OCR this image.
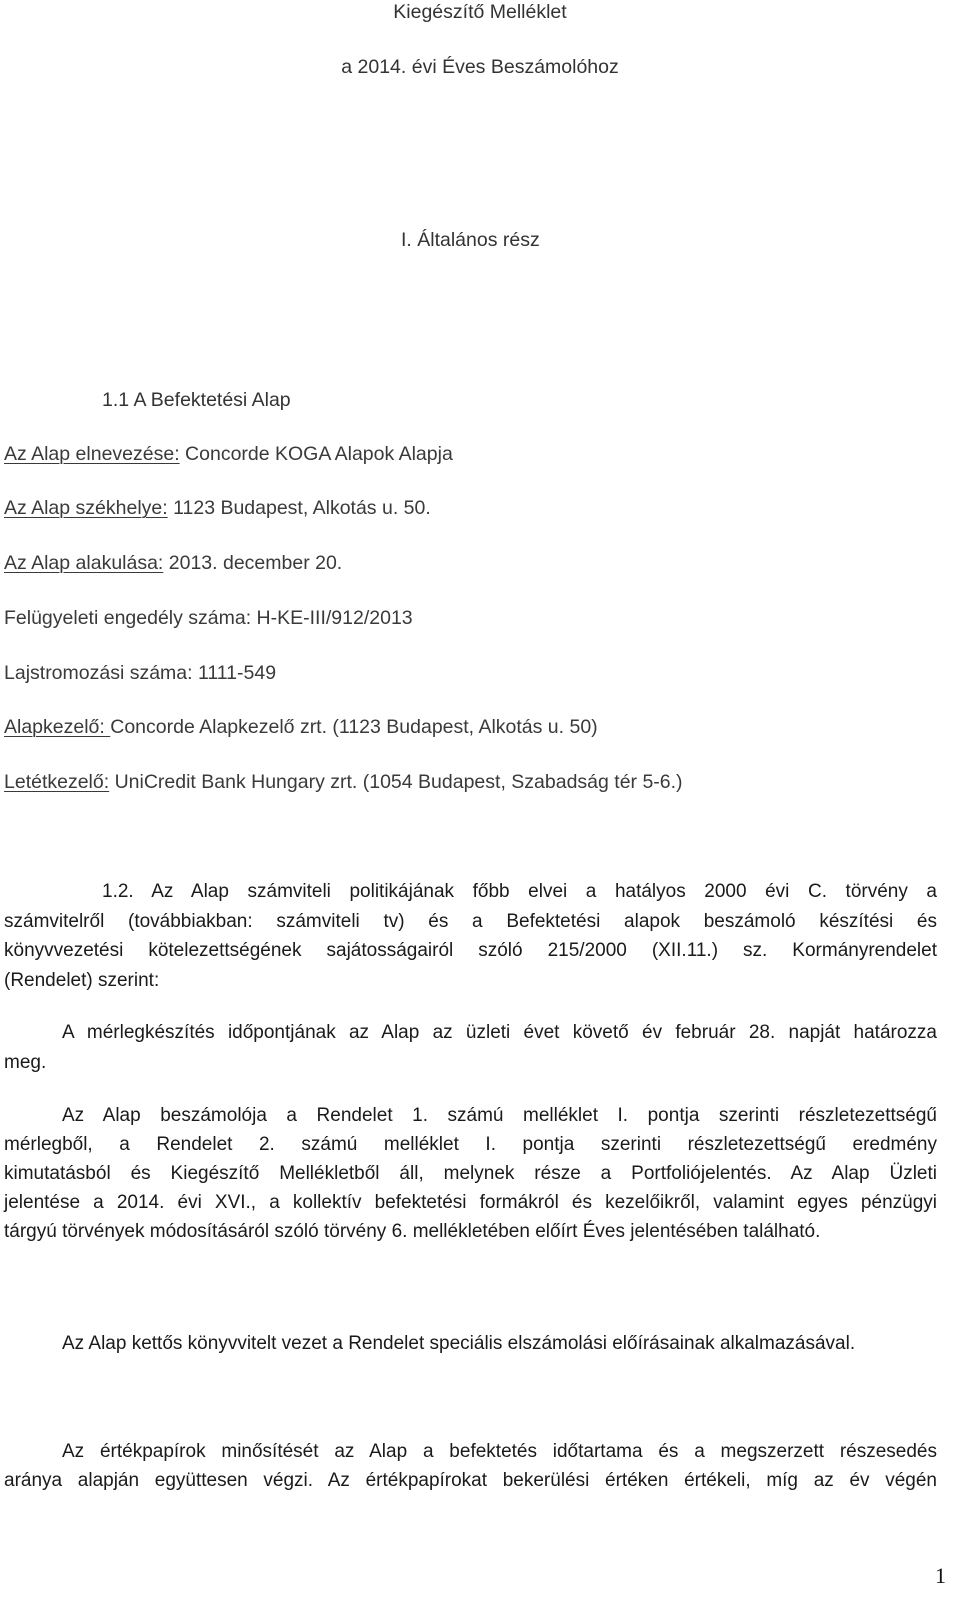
Kiegészítő Melléklet
a 2014. évi Éves Beszámolóhoz
I. Általános rész
1.1 A Befektetési Alap
Az Alap elnevezése: Concorde KOGA Alapok Alapja
Az Alap székhelye: 1123 Budapest, Alkotás u. 50.
Az Alap alakulása: 2013. december 20.
Felügyeleti engedély száma: H-KE-III/912/2013
Lajstromozási száma: 1111-549
Alapkezelő: Concorde Alapkezelő zrt. (1123 Budapest, Alkotás u. 50)
Letétkezelő: UniCredit Bank Hungary zrt. (1054 Budapest, Szabadság tér 5-6.)
1.2. Az Alap számviteli politikájának főbb elvei a hatályos 2000 évi C. törvény a
számvitelről (továbbiakban: számviteli tv) és a Befektetési alapok beszámoló készítési és
könyvvezetési kötelezettségének sajátosságairól szóló 215/2000 (XII.11.) sz. Kormányrendelet
(Rendelet) szerint:
A mérlegkészítés időpontjának az Alap az üzleti évet követő év február 28. napját határozza
meg.
Az Alap beszámolója a Rendelet 1. számú melléklet I. pontja szerinti részletezettségű
mérlegből, a Rendelet 2. számú melléklet I. pontja szerinti részletezettségű eredmény
kimutatásból és Kiegészítő Mellékletből áll, melynek része a Portfoliójelentés. Az Alap Üzleti
jelentése a 2014. évi XVI., a kollektív befektetési formákról és kezelőikről, valamint egyes pénzügyi
tárgyú törvények módosításáról szóló törvény 6. mellékletében előírt Éves jelentésében található.
Az Alap kettős könyvvitelt vezet a Rendelet speciális elszámolási előírásainak alkalmazásával.
Az értékpapírok minősítését az Alap a befektetés időtartama és a megszerzett részesedés
aránya alapján együttesen végzi. Az értékpapírokat bekerülési értéken értékeli, míg az év végén
1
